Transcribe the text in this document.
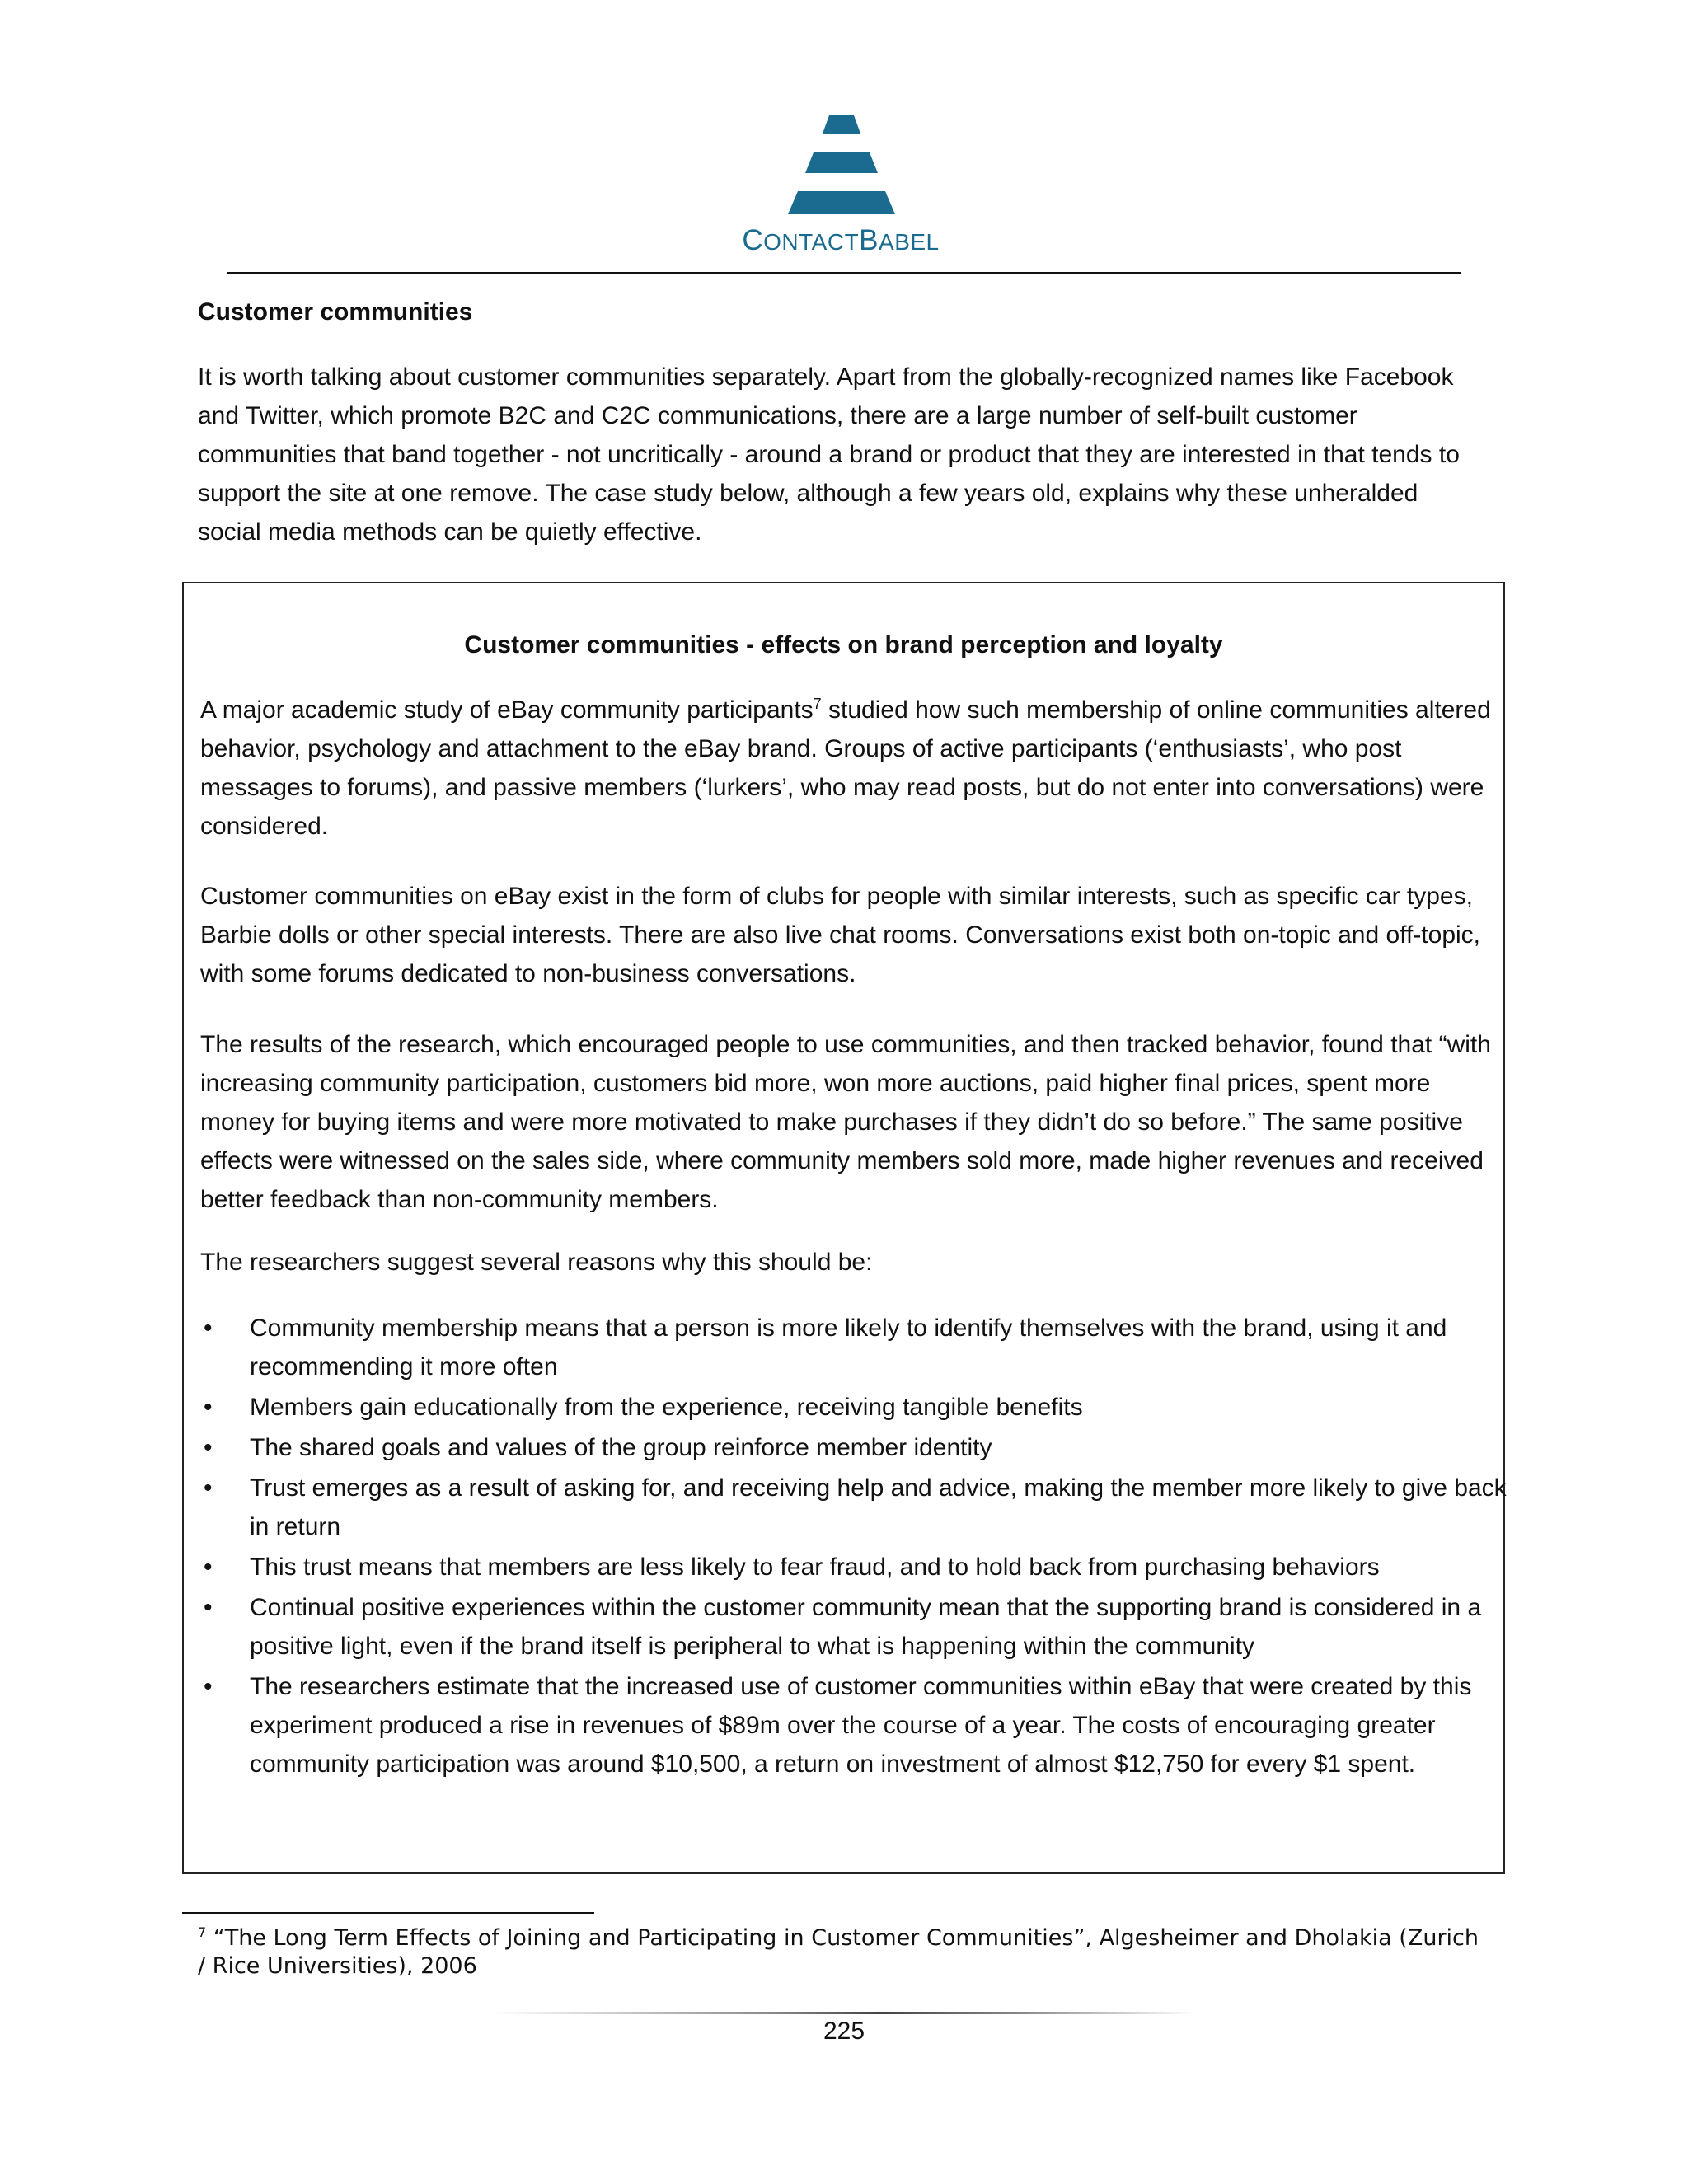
CONTACTBABEL
Customer communities

It is worth talking about customer communities separately. Apart from the globally-recognized names like Facebook and Twitter, which promote B2C and C2C communications, there are a large number of self-built customer communities that band together - not uncritically - around a brand or product that they are interested in that tends to support the site at one remove. The case study below, although a few years old, explains why these unheralded social media methods can be quietly effective.

Customer communities - effects on brand perception and loyalty

A major academic study of eBay community participants$^7$ studied how such membership of online communities altered behavior, psychology and attachment to the eBay brand. Groups of active participants (‘enthusiasts’, who post messages to forums), and passive members (‘lurkers’, who may read posts, but do not enter into conversations) were considered.

Customer communities on eBay exist in the form of clubs for people with similar interests, such as specific car types, Barbie dolls or other special interests. There are also live chat rooms. Conversations exist both on-topic and off-topic, with some forums dedicated to non-business conversations.

The results of the research, which encouraged people to use communities, and then tracked behavior, found that “with increasing community participation, customers bid more, won more auctions, paid higher final prices, spent more money for buying items and were more motivated to make purchases if they didn’t do so before.” The same positive effects were witnessed on the sales side, where community members sold more, made higher revenues and received better feedback than non-community members.

The researchers suggest several reasons why this should be:

• Community membership means that a person is more likely to identify themselves with the brand, using it and recommending it more often
• Members gain educationally from the experience, receiving tangible benefits
• The shared goals and values of the group reinforce member identity
• Trust emerges as a result of asking for, and receiving help and advice, making the member more likely to give back in return
• This trust means that members are less likely to fear fraud, and to hold back from purchasing behaviors
• Continual positive experiences within the customer community mean that the supporting brand is considered in a positive light, even if the brand itself is peripheral to what is happening within the community
• The researchers estimate that the increased use of customer communities within eBay that were created by this experiment produced a rise in revenues of $89m over the course of a year. The costs of encouraging greater community participation was around $10,500, a return on investment of almost $12,750 for every $1 spent.

$^7$ “The Long Term Effects of Joining and Participating in Customer Communities”, Algesheimer and Dholakia (Zurich / Rice Universities), 2006

225
